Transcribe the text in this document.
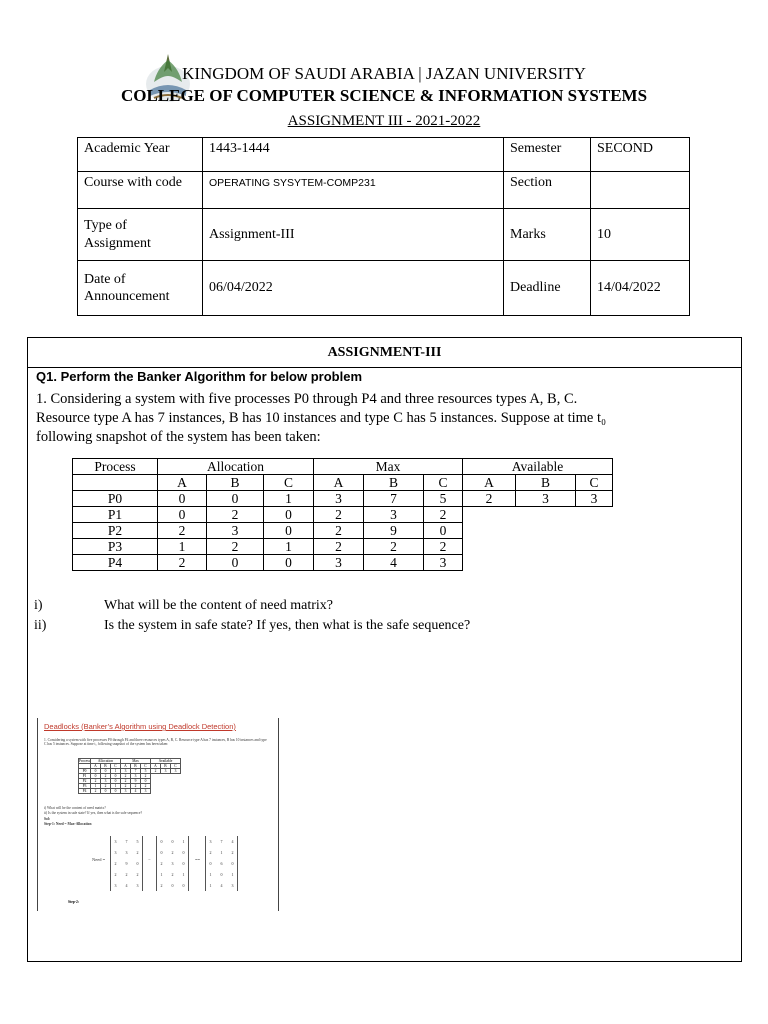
KINGDOM OF SAUDI ARABIA | JAZAN UNIVERSITY
COLLEGE OF COMPUTER SCIENCE & INFORMATION SYSTEMS
ASSIGNMENT III - 2021-2022
Academic Year	1443-1444	Semester	SECOND
Course with code	OPERATING SYSYTEM-COMP231	Section	
Type of Assignment	Assignment-III	Marks	10
Date of Announcement	06/04/2022	Deadline	14/04/2022
ASSIGNMENT-III
Q1. Perform the Banker Algorithm for below problem
1. Considering a system with five processes P0 through P4 and three resources types A, B, C. Resource type A has 7 instances, B has 10 instances and type C has 5 instances. Suppose at time t₀ following snapshot of the system has been taken:
Process	Allocation			Max			Available		
	A	B	C	A	B	C	A	B	C
P0	0	0	1	3	7	5	2	3	3
P1	0	2	0	2	3	2			
P2	2	3	0	2	9	0			
P3	1	2	1	2	2	2			
P4	2	0	0	3	4	3			
i)	What will be the content of need matrix?
ii)	Is the system in safe state? If yes, then what is the safe sequence?
Deadlocks (Banker’s Algorithm using Deadlock Detection)
1. Considering a system with five processes P0 through P4 and three resources types A, B, C. Resource type A has 7 instances, B has 10 instances and type C has 5 instances. Suppose at time t₀ following snapshot of the system has been taken:
Process	Allocation			Max			Available		
	A	B	C	A	B	C	A	B	C
P0	0	0	1	3	7	5	2	3	3
P1	0	2	0	2	3	2			
P2	2	3	0	2	9	0			
P3	1	2	1	2	2	2			
P4	2	0	0	3	4	3			
i) What will be the content of need matrix?
ii) Is the system in safe state? If yes, then what is the safe sequence?
Sol:
Step-1: Need = Max-Allocation
Need =
3 7 5
3 3 2
2 9 0
2 2 2
3 4 3
−
0 0 1
0 2 0
2 3 0
1 2 1
2 0 0
==
3 7 4
2 1 2
0 6 0
1 0 1
1 4 3
Step-2:
